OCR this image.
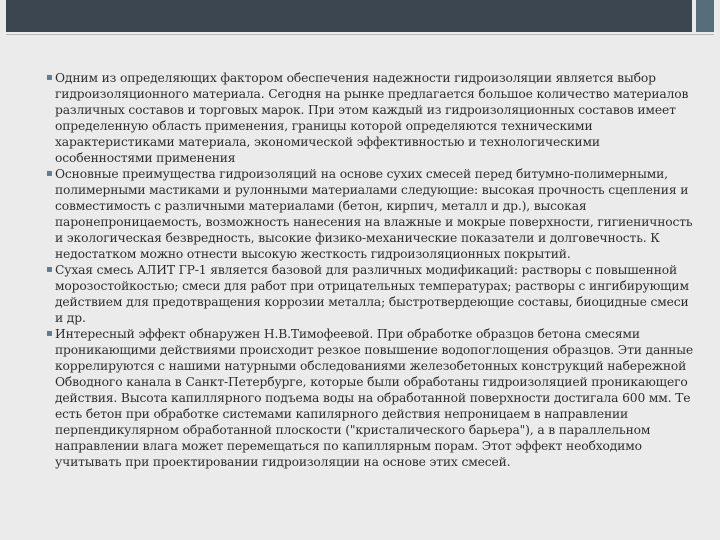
▪ Одним из определяющих фактором обеспечения надежности гидроизоляции является выбор гидроизоляционного материала. Сегодня на рынке предлагается большое количество материалов различных составов и торговых марок. При этом каждый из гидроизоляционных составов имеет определенную область применения, границы которой определяются техническими характеристиками материала, экономической эффективностью и технологическими особенностями применения
▪ Основные преимущества гидроизоляций на основе сухих смесей перед битумно-полимерными, полимерными мастиками и рулонными материалами следующие: высокая прочность сцепления и совместимость с различными материалами (бетон, кирпич, металл и др.), высокая паронепроницаемость, возможность нанесения на влажные и мокрые поверхности, гигиеничность и экологическая безвредность, высокие физико-механические показатели и долговечность. К недостатком можно отнести высокую жесткость гидроизоляционных покрытий.
▪ Сухая смесь АЛИТ ГР-1 является базовой для различных модификаций: растворы с повышенной морозостойкостью; смеси для работ при отрицательных температурах; растворы с ингибирующим действием для предотвращения коррозии металла; быстротвердеющие составы, биоцидные смеси и др.
▪ Интересный эффект обнаружен Н.В.Тимофеевой. При обработке образцов бетона смесями проникающими действиями происходит резкое повышение водопоглощения образцов. Эти данные коррелируются с нашими натурными обследованиями железобетонных конструкций набережной Обводного канала в Санкт-Петербурге, которые были обработаны гидроизоляцией проникающего действия. Высота капиллярного подъема воды на обработанной поверхности достигала 600 мм. Те есть бетон при обработке системами капилярного действия непроницаем в направлении перпендикулярном обработанной плоскости ("кристалического барьера"), а в параллельном направлении влага может перемещаться по капиллярным порам. Этот эффект необходимо учитывать при проектировании гидроизоляции на основе этих смесей.
